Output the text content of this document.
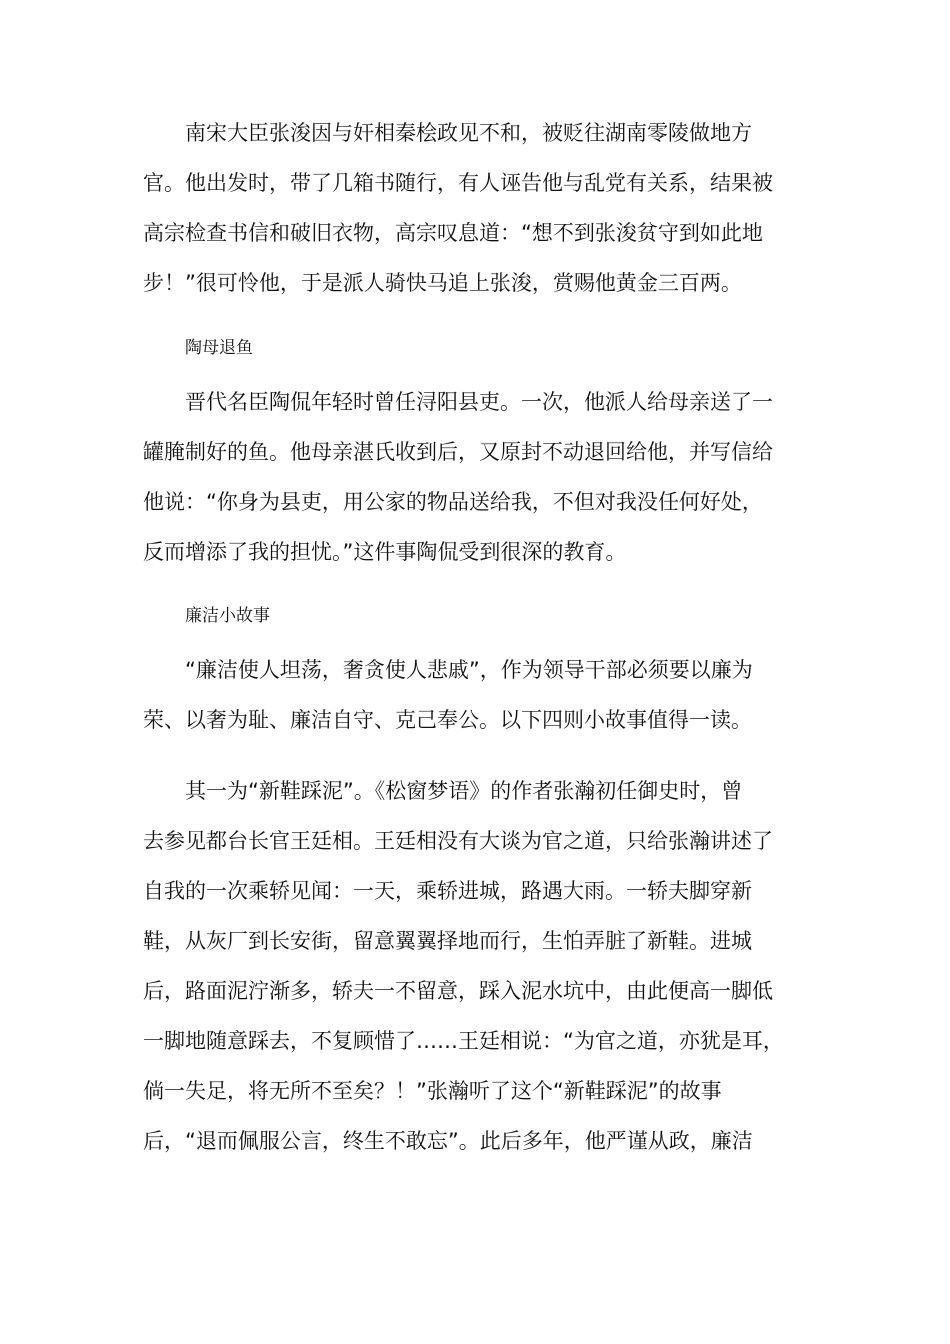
南宋大臣张浚因与奸相秦桧政见不和，被贬往湖南零陵做地方
官。他出发时，带了几箱书随行，有人诬告他与乱党有关系，结果被
高宗检查书信和破旧衣物，高宗叹息道：“想不到张浚贫守到如此地
步！”很可怜他，于是派人骑快马追上张浚，赏赐他黄金三百两。
陶母退鱼
晋代名臣陶侃年轻时曾任浔阳县吏。一次，他派人给母亲送了一
罐腌制好的鱼。他母亲湛氏收到后，又原封不动退回给他，并写信给
他说：“你身为县吏，用公家的物品送给我，不但对我没任何好处，
反而增添了我的担忧。”这件事陶侃受到很深的教育。
廉洁小故事
“廉洁使人坦荡，奢贪使人悲戚”，作为领导干部必须要以廉为
荣、以奢为耻、廉洁自守、克己奉公。以下四则小故事值得一读。
其一为“新鞋踩泥”。《松窗梦语》的作者张瀚初任御史时，曾
去参见都台长官王廷相。王廷相没有大谈为官之道，只给张瀚讲述了
自我的一次乘轿见闻：一天，乘轿进城，路遇大雨。一轿夫脚穿新
鞋，从灰厂到长安街，留意翼翼择地而行，生怕弄脏了新鞋。进城
后，路面泥泞渐多，轿夫一不留意，踩入泥水坑中，由此便高一脚低
一脚地随意踩去，不复顾惜了……王廷相说：“为官之道，亦犹是耳，
倘一失足，将无所不至矣？！”张瀚听了这个“新鞋踩泥”的故事
后，“退而佩服公言，终生不敢忘”。此后多年，他严谨从政，廉洁
